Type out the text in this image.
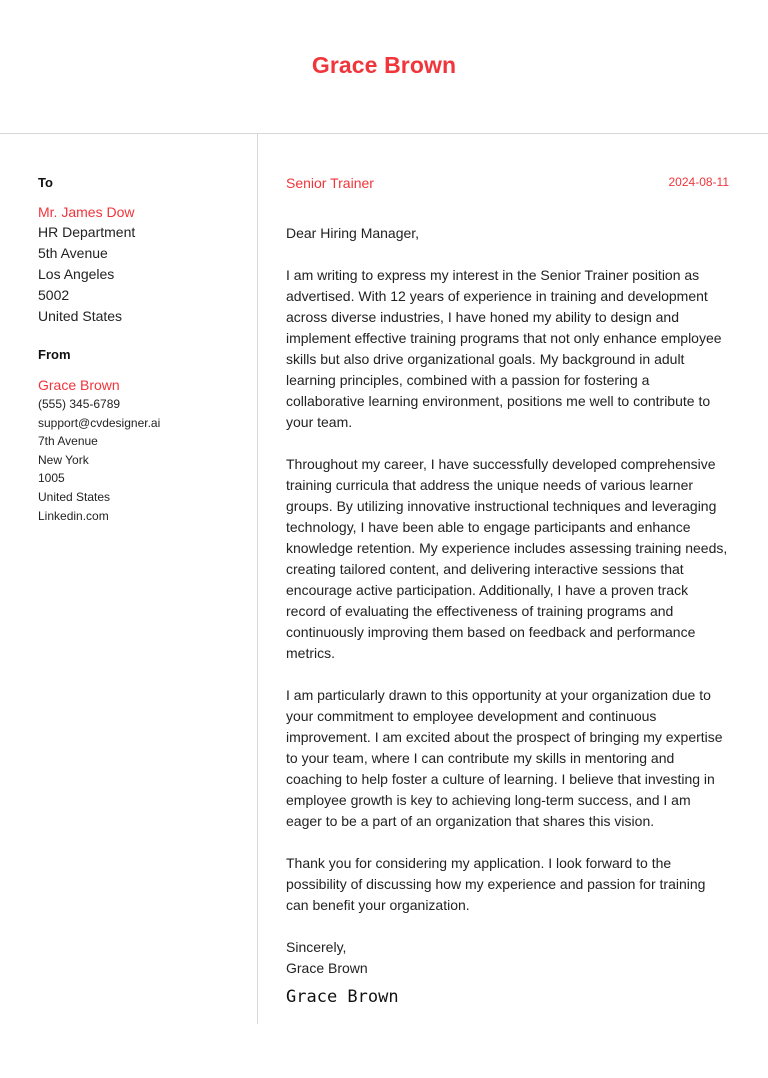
Grace Brown
To
Mr. James Dow
HR Department
5th Avenue
Los Angeles
5002
United States
From
Grace Brown
(555) 345-6789
support@cvdesigner.ai
7th Avenue
New York
1005
United States
Linkedin.com
Senior Trainer	2024-08-11

Dear Hiring Manager,

I am writing to express my interest in the Senior Trainer position as advertised. With 12 years of experience in training and development across diverse industries, I have honed my ability to design and implement effective training programs that not only enhance employee skills but also drive organizational goals. My background in adult learning principles, combined with a passion for fostering a collaborative learning environment, positions me well to contribute to your team.

Throughout my career, I have successfully developed comprehensive training curricula that address the unique needs of various learner groups. By utilizing innovative instructional techniques and leveraging technology, I have been able to engage participants and enhance knowledge retention. My experience includes assessing training needs, creating tailored content, and delivering interactive sessions that encourage active participation. Additionally, I have a proven track record of evaluating the effectiveness of training programs and continuously improving them based on feedback and performance metrics.

I am particularly drawn to this opportunity at your organization due to your commitment to employee development and continuous improvement. I am excited about the prospect of bringing my expertise to your team, where I can contribute my skills in mentoring and coaching to help foster a culture of learning. I believe that investing in employee growth is key to achieving long-term success, and I am eager to be a part of an organization that shares this vision.

Thank you for considering my application. I look forward to the possibility of discussing how my experience and passion for training can benefit your organization.

Sincerely,

Grace Brown

Grace Brown
